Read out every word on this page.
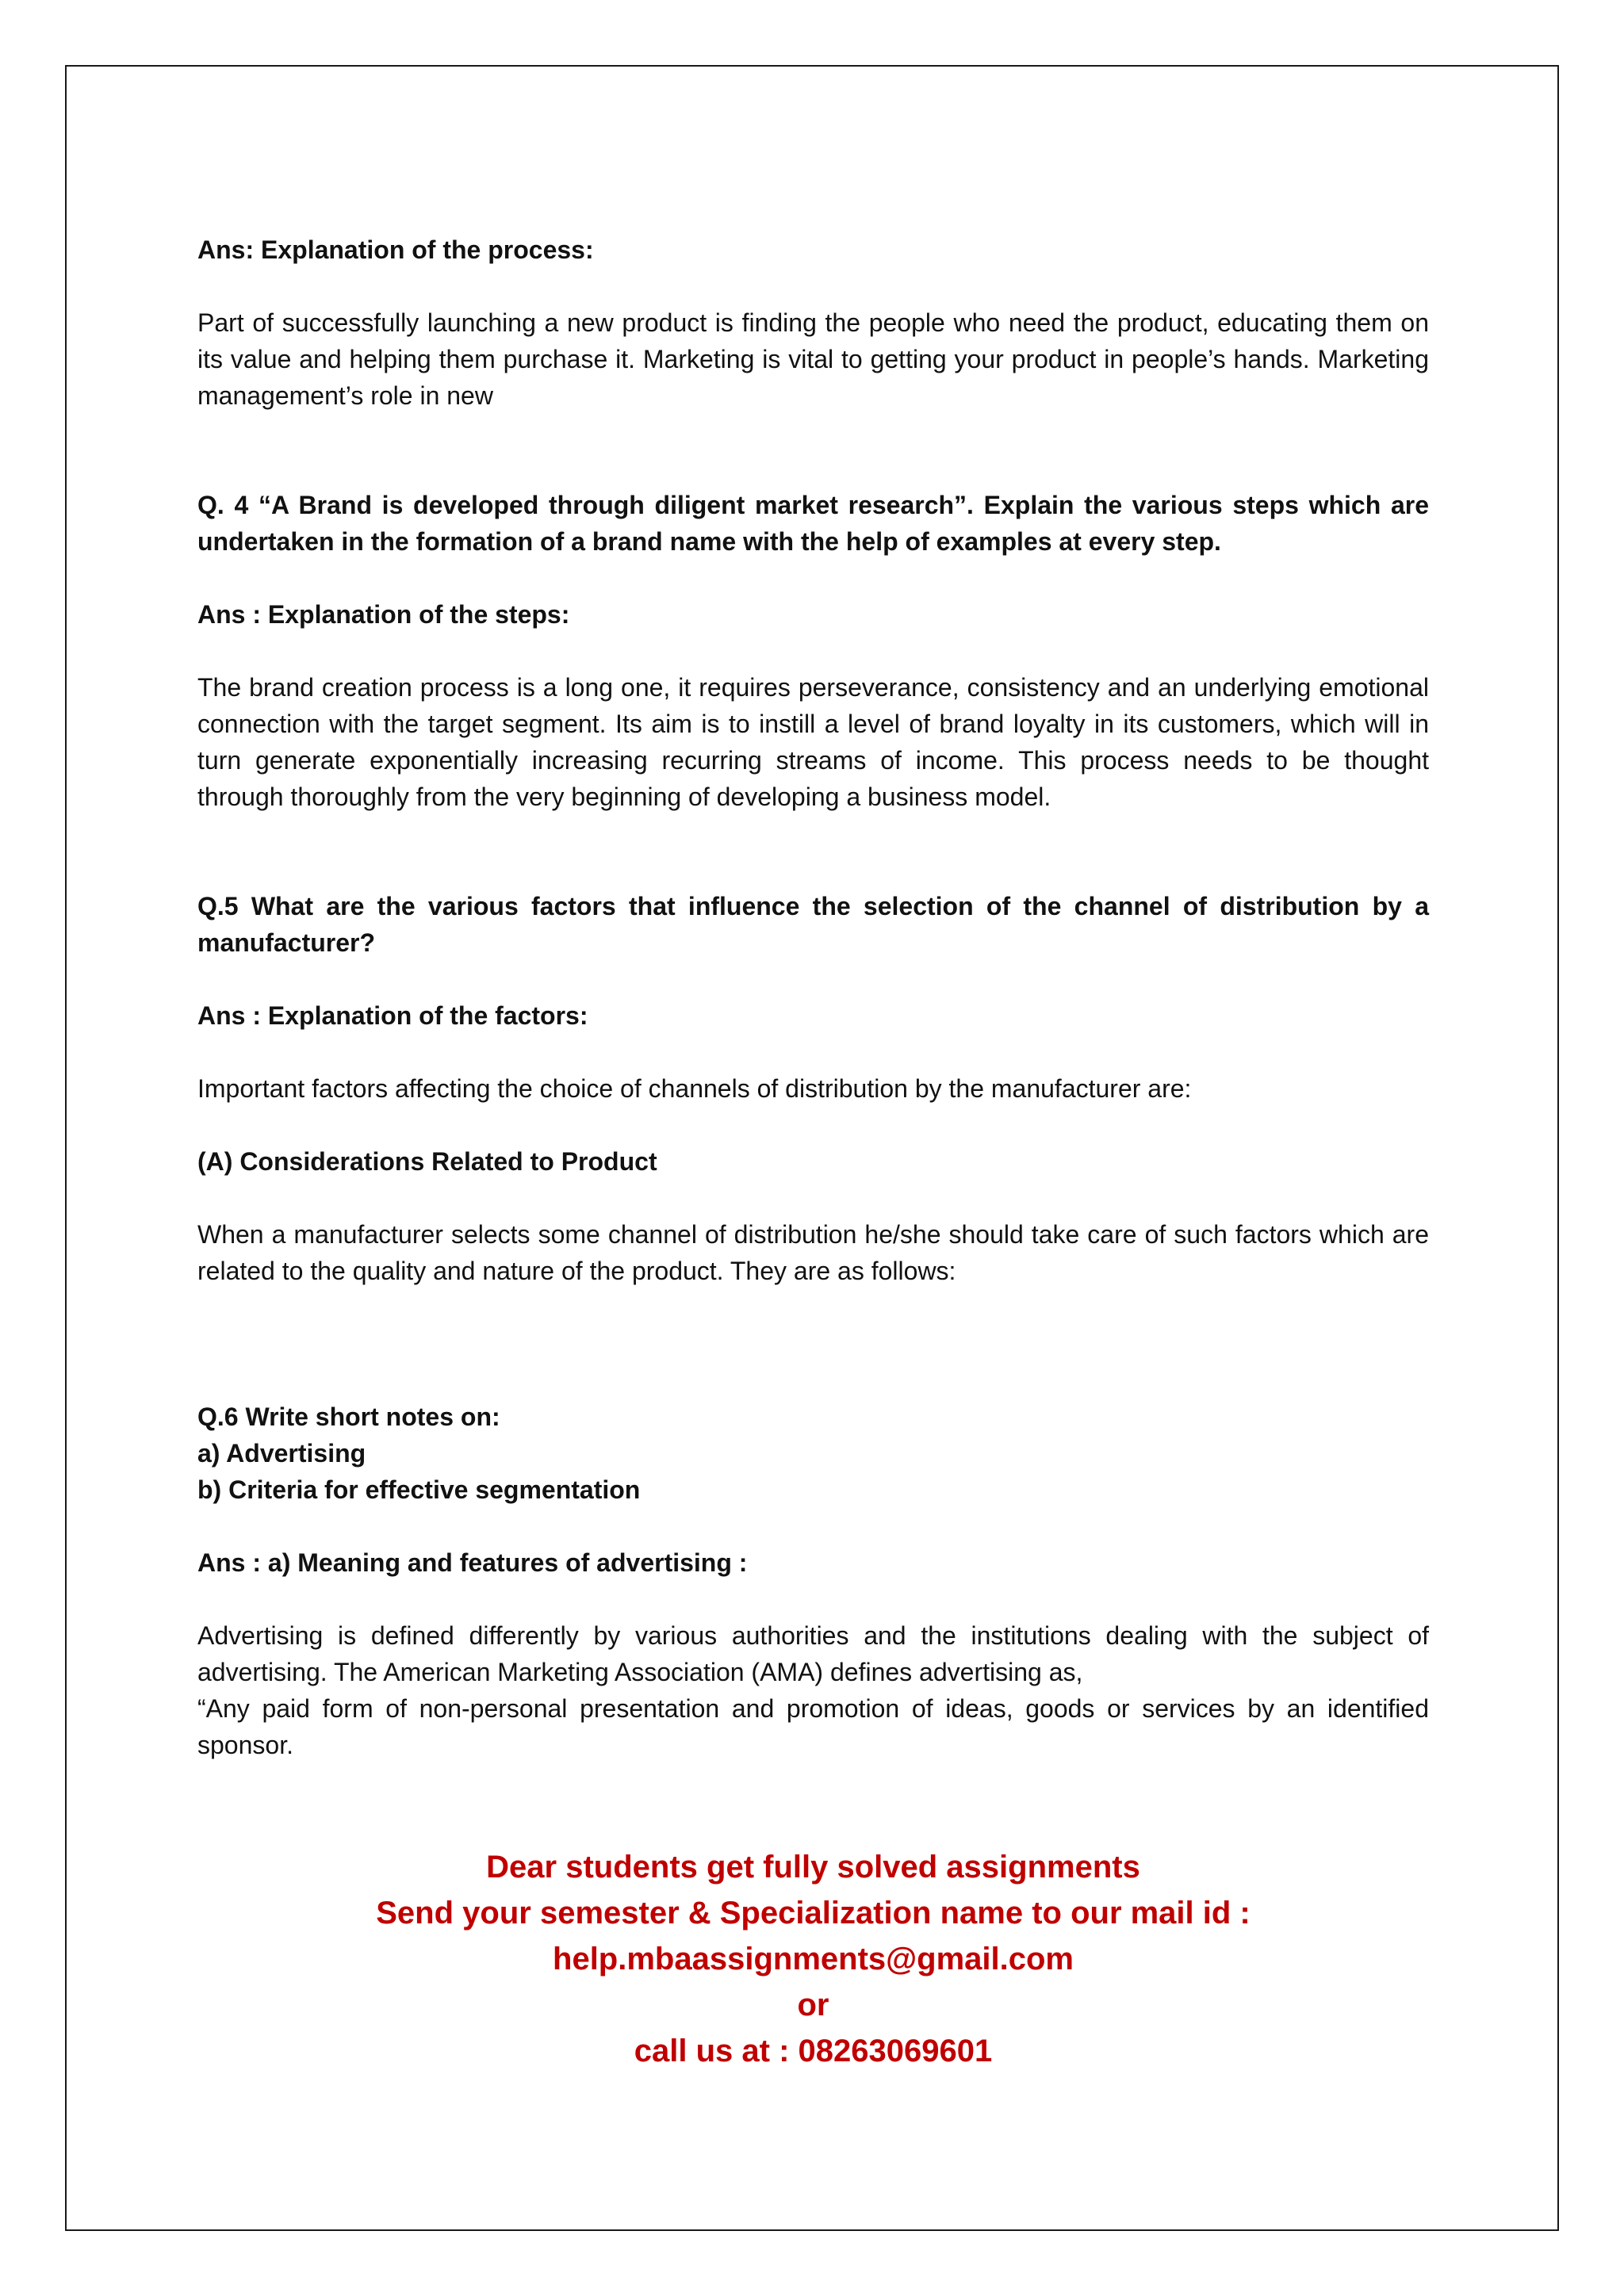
Ans: Explanation of the process:

Part of successfully launching a new product is finding the people who need the product, educating them on its value and helping them purchase it. Marketing is vital to getting your product in people’s hands. Marketing management’s role in new

Q. 4 “A Brand is developed through diligent market research”. Explain the various steps which are undertaken in the formation of a brand name with the help of examples at every step.

Ans : Explanation of the steps:

The brand creation process is a long one, it requires perseverance, consistency and an underlying emotional connection with the target segment. Its aim is to instill a level of brand loyalty in its customers, which will in turn generate exponentially increasing recurring streams of income. This process needs to be thought through thoroughly from the very beginning of developing a business model.

Q.5 What are the various factors that influence the selection of the channel of distribution by a manufacturer?

Ans : Explanation of the factors:

Important factors affecting the choice of channels of distribution by the manufacturer are:

(A) Considerations Related to Product

When a manufacturer selects some channel of distribution he/she should take care of such factors which are related to the quality and nature of the product. They are as follows:

Q.6 Write short notes on:

a) Advertising

b) Criteria for effective segmentation

Ans : a) Meaning and features of advertising :

Advertising is defined differently by various authorities and the institutions dealing with the subject of advertising. The American Marketing Association (AMA) defines advertising as,

“Any paid form of non-personal presentation and promotion of ideas, goods or services by an identified sponsor.

Dear students get fully solved assignments

Send your semester & Specialization name to our mail id :

help.mbaassignments@gmail.com

or

call us at : 08263069601
